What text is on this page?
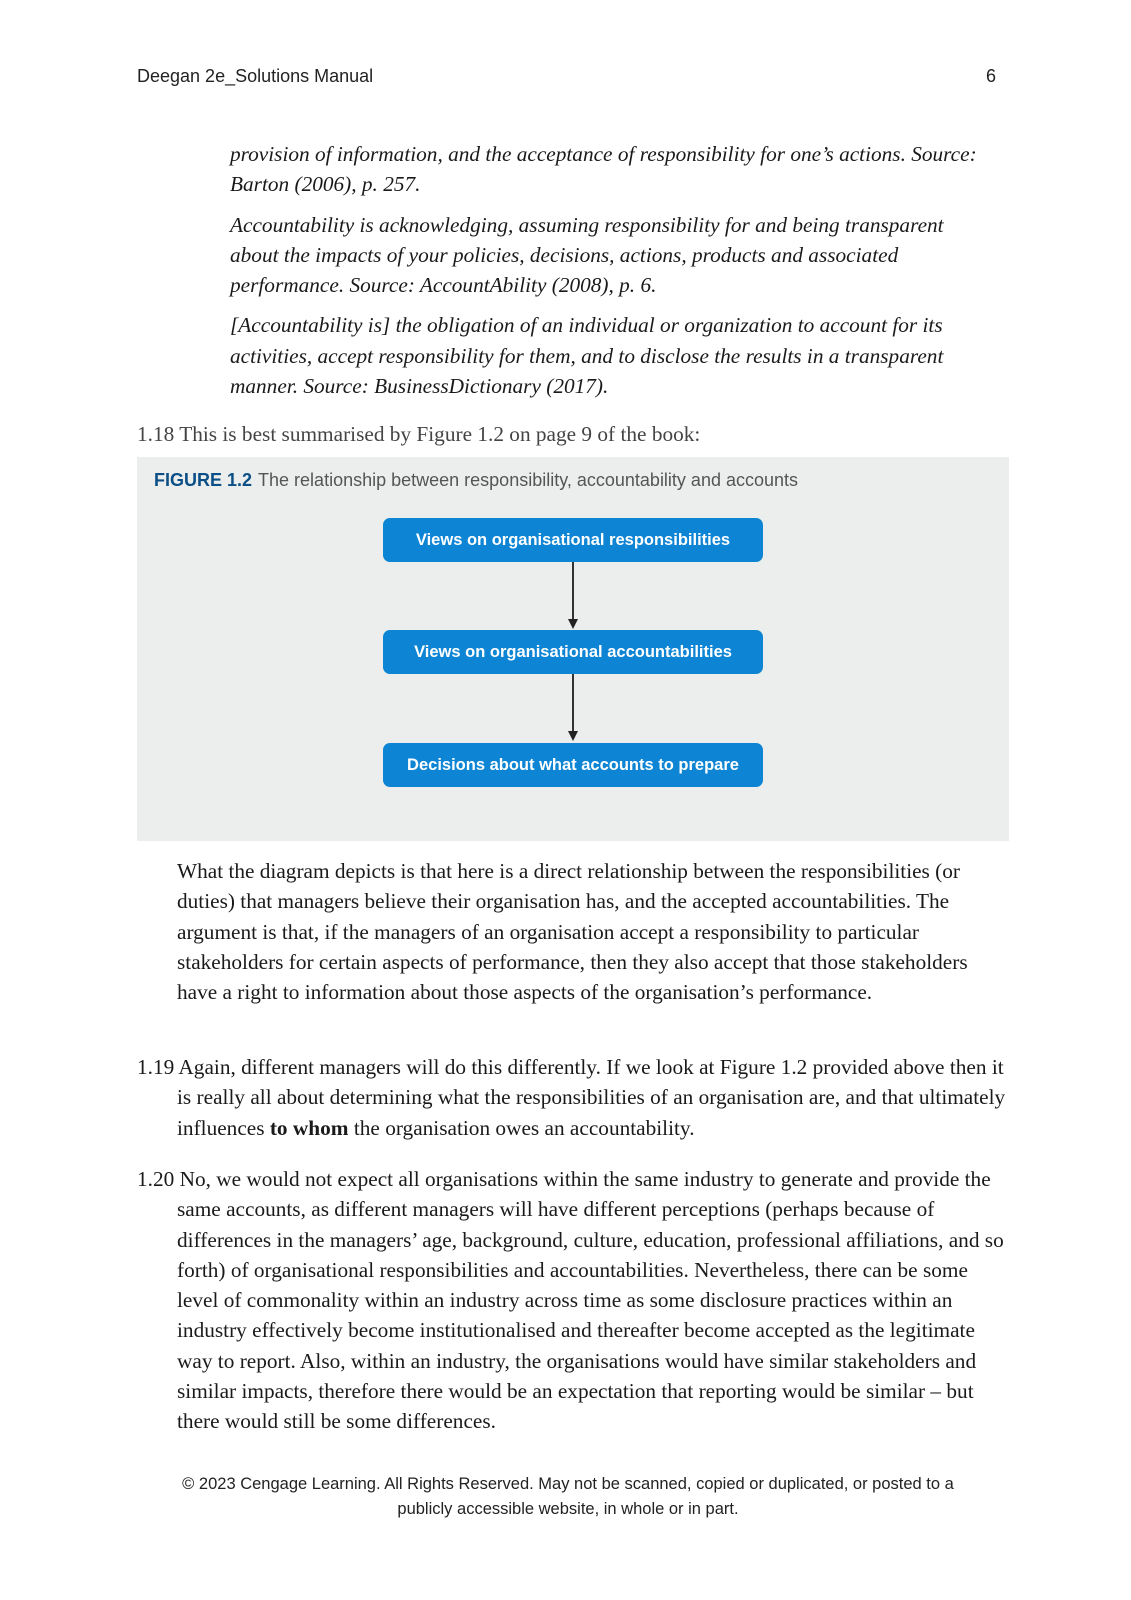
Deegan 2e_Solutions Manual	6

provision of information, and the acceptance of responsibility for one’s actions. Source: Barton (2006), p. 257.

Accountability is acknowledging, assuming responsibility for and being transparent about the impacts of your policies, decisions, actions, products and associated performance. Source: AccountAbility (2008), p. 6.

[Accountability is] the obligation of an individual or organization to account for its activities, accept responsibility for them, and to disclose the results in a transparent manner. Source: BusinessDictionary (2017).

1.18 This is best summarised by Figure 1.2 on page 9 of the book:

FIGURE 1.2 The relationship between responsibility, accountability and accounts
Views on organisational responsibilities
Views on organisational accountabilities
Decisions about what accounts to prepare
What the diagram depicts is that here is a direct relationship between the responsibilities (or duties) that managers believe their organisation has, and the accepted accountabilities. The argument is that, if the managers of an organisation accept a responsibility to particular stakeholders for certain aspects of performance, then they also accept that those stakeholders have a right to information about those aspects of the organisation’s performance.

1.19 Again, different managers will do this differently. If we look at Figure 1.2 provided above then it is really all about determining what the responsibilities of an organisation are, and that ultimately influences to whom the organisation owes an accountability.

1.20 No, we would not expect all organisations within the same industry to generate and provide the same accounts, as different managers will have different perceptions (perhaps because of differences in the managers’ age, background, culture, education, professional affiliations, and so forth) of organisational responsibilities and accountabilities. Nevertheless, there can be some level of commonality within an industry across time as some disclosure practices within an industry effectively become institutionalised and thereafter become accepted as the legitimate way to report. Also, within an industry, the organisations would have similar stakeholders and similar impacts, therefore there would be an expectation that reporting would be similar – but there would still be some differences.

© 2023 Cengage Learning. All Rights Reserved. May not be scanned, copied or duplicated, or posted to a
publicly accessible website, in whole or in part.
